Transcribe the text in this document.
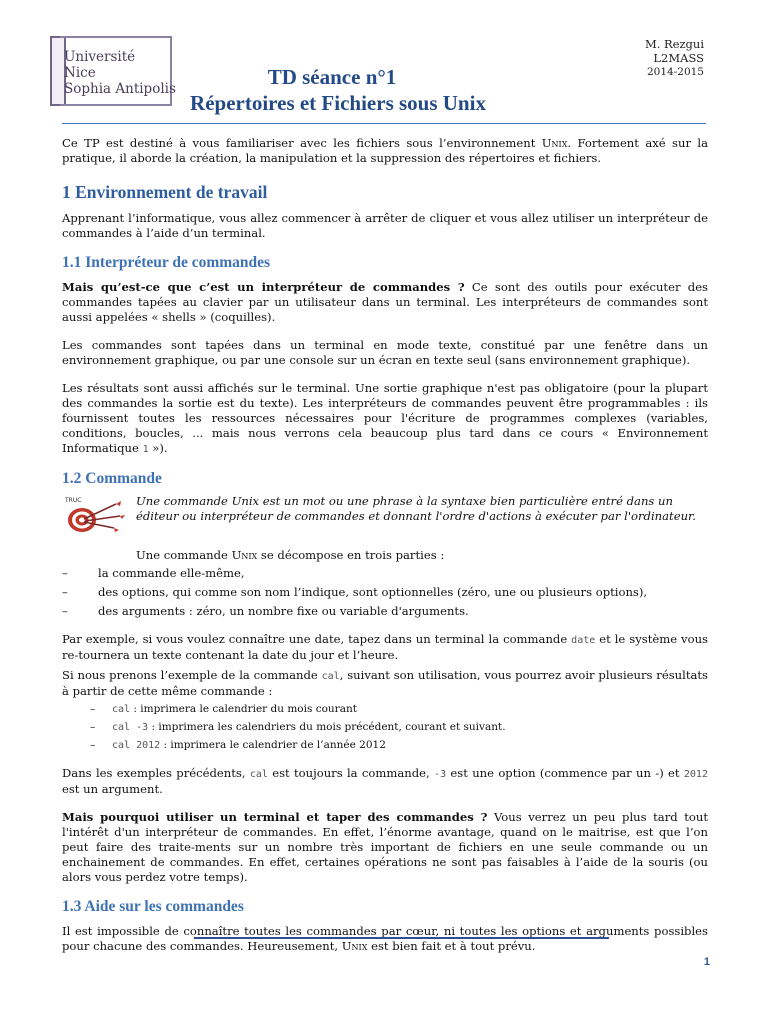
Université
Nice
Sophia Antipolis
M. Rezgui
L2MASS
2014-2015
TD séance n°1
Répertoires et Fichiers sous Unix

Ce TP est destiné à vous familiariser avec les fichiers sous l’environnement Unix. Fortement axé sur la pratique, il aborde la création, la manipulation et la suppression des répertoires et fichiers.

1 Environnement de travail

Apprenant l’informatique, vous allez commencer à arrêter de cliquer et vous allez utiliser un interpréteur de commandes à l’aide d’un terminal.

1.1 Interpréteur de commandes

Mais qu’est-ce que c’est un interpréteur de commandes ? Ce sont des outils pour exécuter des commandes tapées au clavier par un utilisateur dans un terminal. Les interpréteurs de commandes sont aussi appelées « shells » (coquilles).

Les commandes sont tapées dans un terminal en mode texte, constitué par une fenêtre dans un environnement graphique, ou par une console sur un écran en texte seul (sans environnement graphique).

Les résultats sont aussi affichés sur le terminal. Une sortie graphique n'est pas obligatoire (pour la plupart des commandes la sortie est du texte). Les interpréteurs de commandes peuvent être programmables : ils fournissent toutes les ressources nécessaires pour l'écriture de programmes complexes (variables, conditions, boucles, ... mais nous verrons cela beaucoup plus tard dans ce cours « Environnement Informatique 1 »).

1.2 Commande
TRUC	Une commande Unix est un mot ou une phrase à la syntaxe bien particulière entré dans un éditeur ou interpréteur de commandes et donnant l'ordre d'actions à exécuter par l'ordinateur.

Une commande Unix se décompose en trois parties :

–	la commande elle-même,
–	des options, qui comme son nom l’indique, sont optionnelles (zéro, une ou plusieurs options),
–	des arguments : zéro, un nombre fixe ou variable d'arguments.

Par exemple, si vous voulez connaître une date, tapez dans un terminal la commande date et le système vous re-tournera un texte contenant la date du jour et l’heure.

Si nous prenons l’exemple de la commande cal, suivant son utilisation, vous pourrez avoir plusieurs résultats à partir de cette même commande :

– cal : imprimera le calendrier du mois courant
– cal -3 : imprimera les calendriers du mois précédent, courant et suivant.
– cal 2012 : imprimera le calendrier de l’année 2012

Dans les exemples précédents, cal est toujours la commande, -3 est une option (commence par un -) et 2012 est un argument.

Mais pourquoi utiliser un terminal et taper des commandes ? Vous verrez un peu plus tard tout l'intérêt d'un interpréteur de commandes. En effet, l’énorme avantage, quand on le maitrise, est que l’on peut faire des traite-ments sur un nombre très important de fichiers en une seule commande ou un enchainement de commandes. En effet, certaines opérations ne sont pas faisables à l’aide de la souris (ou alors vous perdez votre temps).

1.3 Aide sur les commandes

Il est impossible de connaître toutes les commandes par cœur, ni toutes les options et arguments possibles pour chacune des commandes. Heureusement, Unix est bien fait et à tout prévu.

1
